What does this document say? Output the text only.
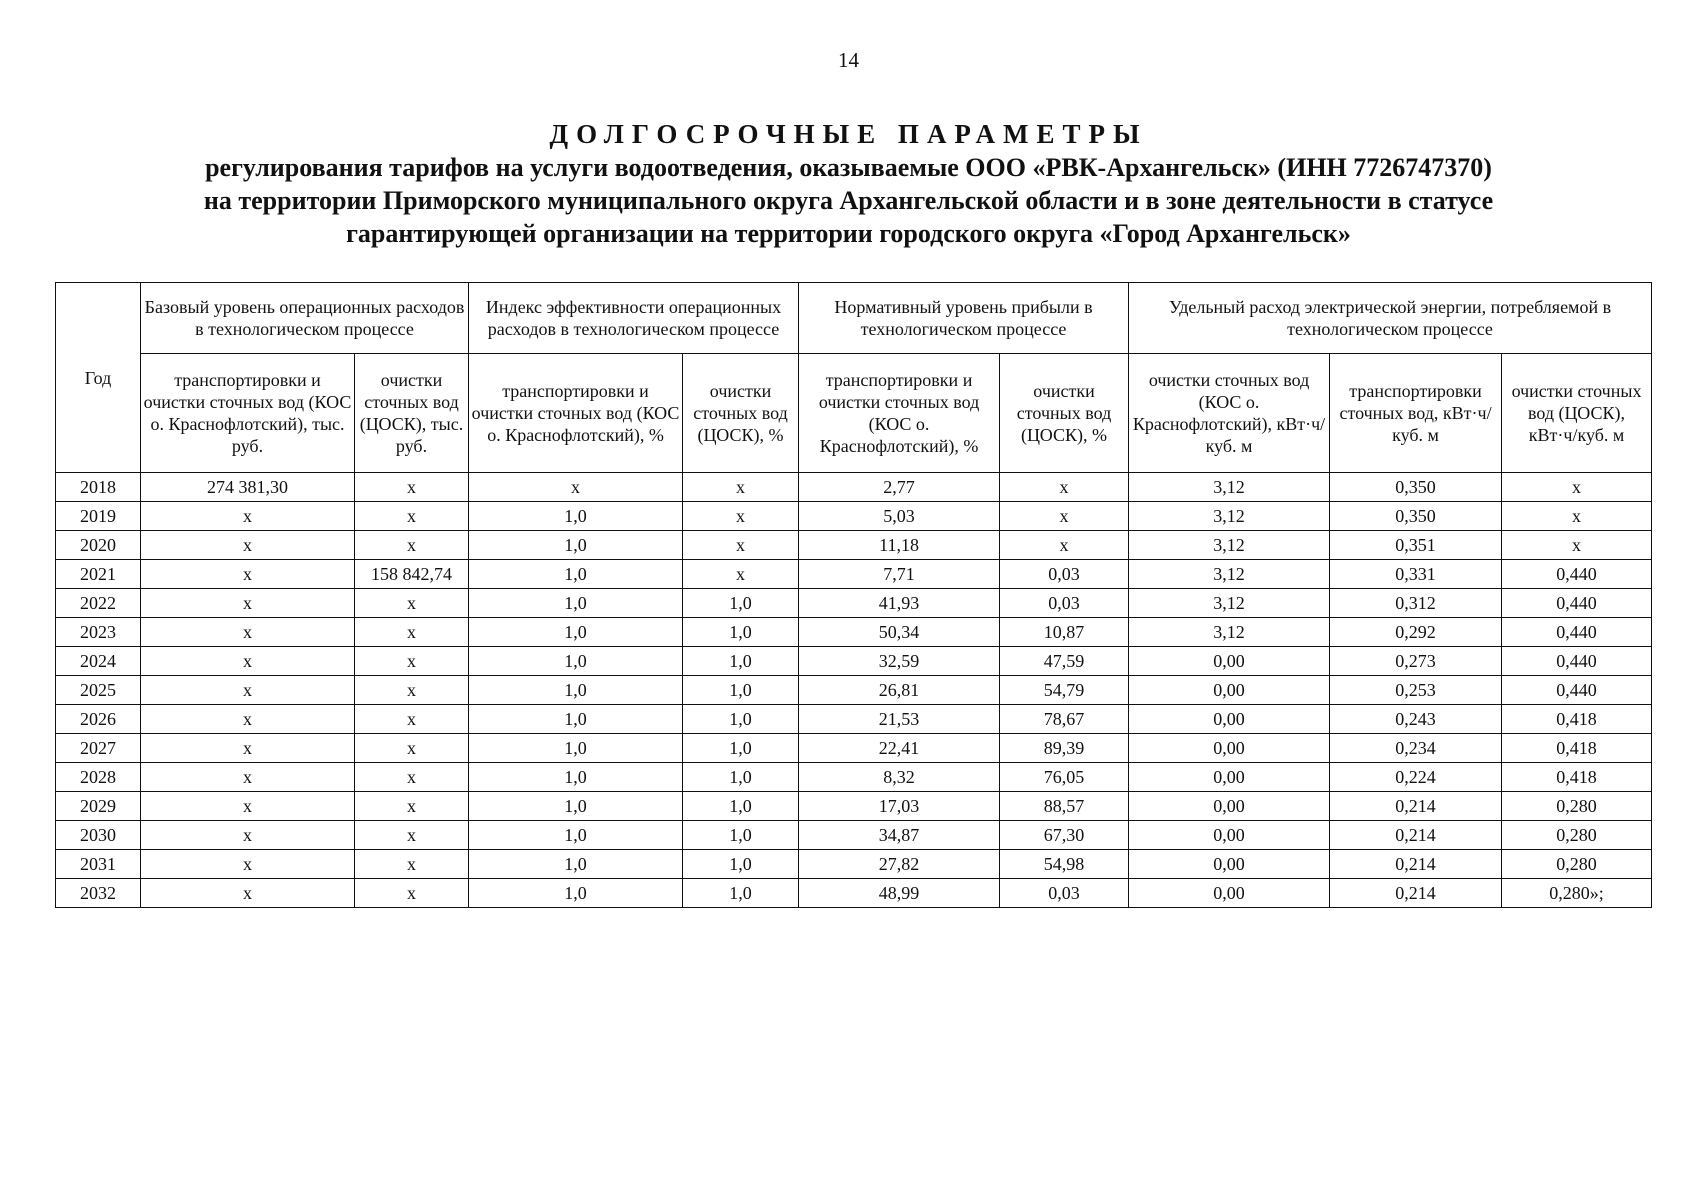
14
ДОЛГОСРОЧНЫЕ ПАРАМЕТРЫ
регулирования тарифов на услуги водоотведения, оказываемые ООО «РВК-Архангельск» (ИНН 7726747370)
на территории Приморского муниципального округа Архангельской области и в зоне деятельности в статусе
гарантирующей организации на территории городского округа «Город Архангельск»
Год	Базовый уровень операционных расходов в технологическом процессе		Индекс эффективности операционных расходов в технологическом процессе		Нормативный уровень прибыли в технологическом процессе		Удельный расход электрической энергии, потребляемой в технологическом процессе		
	транспортировки и очистки сточных вод (КОС о. Краснофлотский), тыс. руб.	очистки сточных вод (ЦОСК), тыс. руб.	транспортировки и очистки сточных вод (КОС о. Краснофлотский), %	очистки сточных вод (ЦОСК), %	транспортировки и очистки сточных вод (КОС о. Краснофлотский), %	очистки сточных вод (ЦОСК), %	очистки сточных вод (КОС о. Краснофлотский), кВт·ч/куб. м	транспортировки сточных вод, кВт·ч/куб. м	очистки сточных вод (ЦОСК), кВт·ч/куб. м
2018	274 381,30	х	х	х	2,77	х	3,12	0,350	х
2019	х	х	1,0	х	5,03	х	3,12	0,350	х
2020	х	х	1,0	х	11,18	х	3,12	0,351	х
2021	х	158 842,74	1,0	х	7,71	0,03	3,12	0,331	0,440
2022	х	х	1,0	1,0	41,93	0,03	3,12	0,312	0,440
2023	х	х	1,0	1,0	50,34	10,87	3,12	0,292	0,440
2024	х	х	1,0	1,0	32,59	47,59	0,00	0,273	0,440
2025	х	х	1,0	1,0	26,81	54,79	0,00	0,253	0,440
2026	х	х	1,0	1,0	21,53	78,67	0,00	0,243	0,418
2027	х	х	1,0	1,0	22,41	89,39	0,00	0,234	0,418
2028	х	х	1,0	1,0	8,32	76,05	0,00	0,224	0,418
2029	х	х	1,0	1,0	17,03	88,57	0,00	0,214	0,280
2030	х	х	1,0	1,0	34,87	67,30	0,00	0,214	0,280
2031	х	х	1,0	1,0	27,82	54,98	0,00	0,214	0,280
2032	х	х	1,0	1,0	48,99	0,03	0,00	0,214	0,280»;
